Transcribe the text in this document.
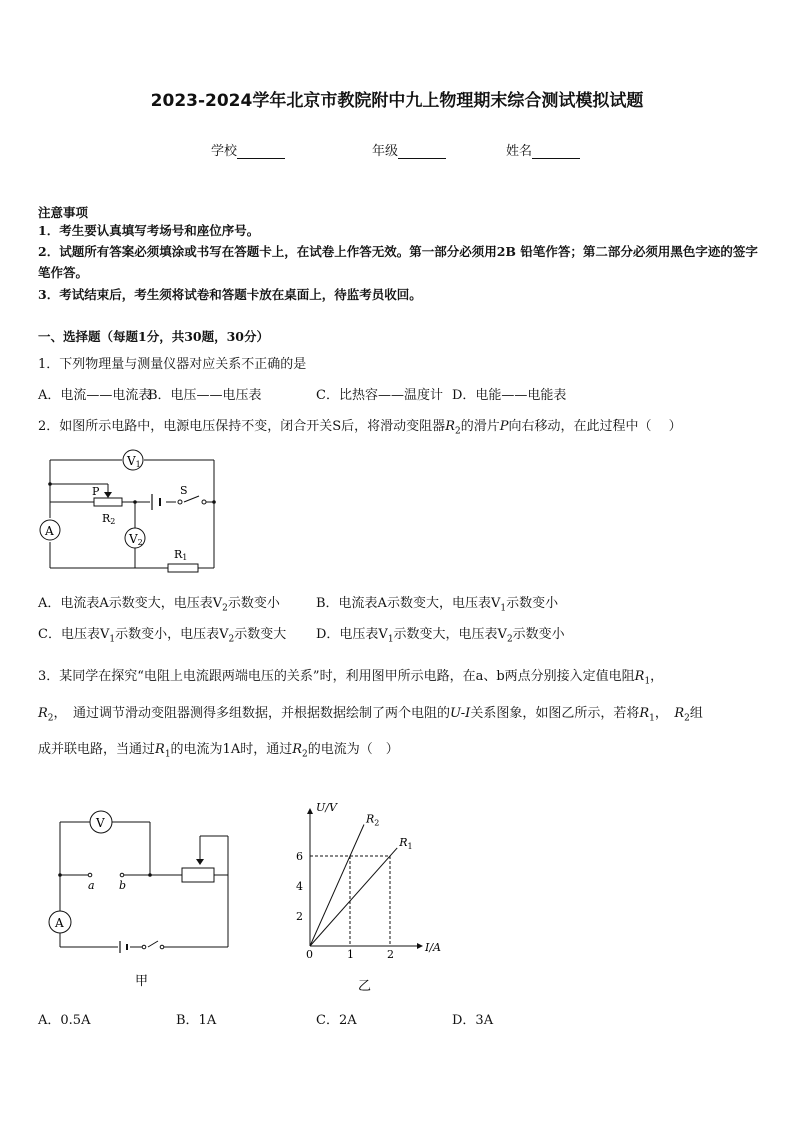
2023-2024学年北京市教院附中九上物理期末综合测试模拟试题
学校	年级	姓名
注意事项
1．考生要认真填写考场号和座位序号。
2．试题所有答案必须填涂或书写在答题卡上，在试卷上作答无效。第一部分必须用2B 铅笔作答；第二部分必须用黑色字迹的签字笔作答。
3．考试结束后，考生须将试卷和答题卡放在桌面上，待监考员收回。
一、选择题（每题1分，共30题，30分）
1．下列物理量与测量仪器对应关系不正确的是
A．电流——电流表
B．电压——电压表	C．比热容——温度计 D．电能——电能表
2．如图所示电路中，电源电压保持不变，闭合开关S后，将滑动变阻器$R_2$的滑片P向右移动，在此过程中（　 ）
V1
A
V2
P
R2
S
R1
A．电流表A示数变大，电压表$V_2$示数变小	B．电流表A示数变大，电压表$V_1$示数变小
C．电压表$V_1$示数变小，电压表$V_2$示数变大 D．电压表$V_1$示数变大，电压表$V_2$示数变小
3．某同学在探究“电阻上电流跟两端电压的关系”时，利用图甲所示电路，在a、b两点分别接入定值电阻$R_1$，
$R_2$，　通过调节滑动变阻器测得多组数据，并根据数据绘制了两个电阻的U-I关系图象，如图乙所示，若将$R_1$，　$R_2$组
成并联电路，当通过$R_1$的电流为1A时，通过$R_2$的电流为（　）
V
A
a b
甲
$R_2$
$R_1$
1	2
2
4
6
U/V
I/A
0
乙
A．0.5A	B．1A	C．2A	D．3A
